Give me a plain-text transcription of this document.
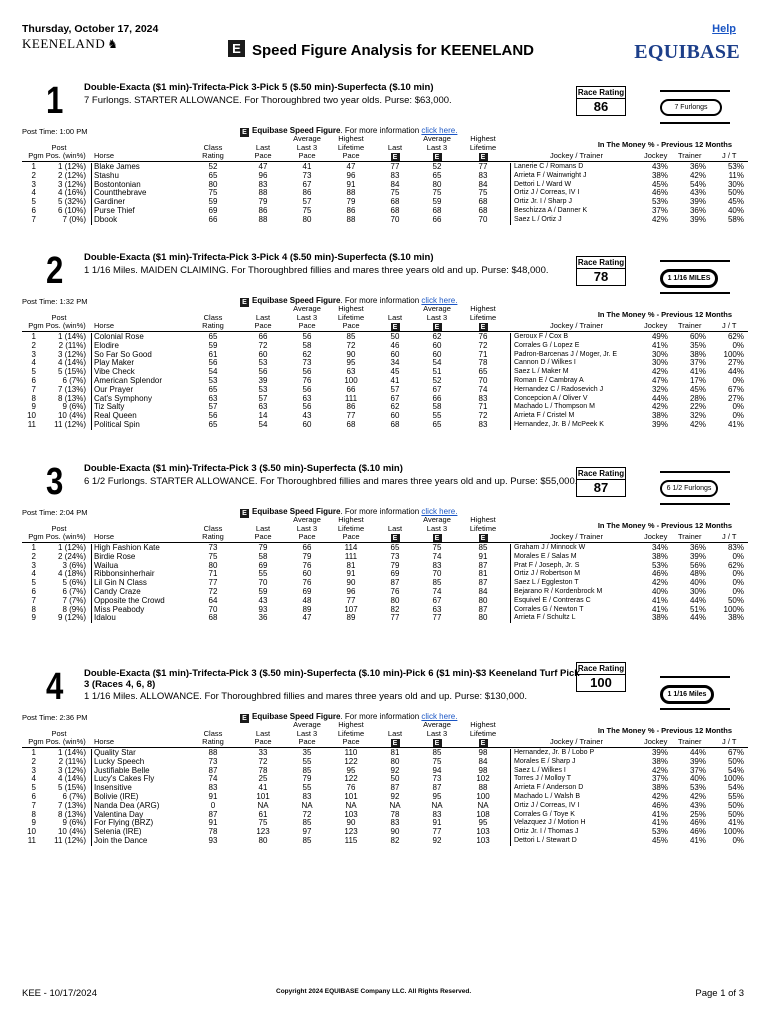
Thursday, October 17, 2024	Help
KEENELAND ♞	E Speed Figure Analysis for KEENELAND	EQUIBASE
1 Double-Exacta ($1 min)-Trifecta-Pick 3-Pick 5 ($.50 min)-Superfecta ($.10 min)
7 Furlongs. STARTER ALLOWANCE. For Thoroughbred two year olds. Purse: $63,000.
Race Rating
86	7 Furlongs
Post Time: 1:00 PM	E Equibase Speed Figure. For more information click here.
Post
Pgm Pos. (win%)	Horse
Class
Rating
Last
Pace
Average
Last 3
Pace
Highest
Lifetime
Pace
Last
E
Average
Last 3
E
Highest
Lifetime
E
In The Money % - Previous 12 Months
Jockey / Trainer	Jockey Trainer	J / T
1	1 (12%) Blake James	52	47	41	47	77	52	77	Lanerie C / Romans D	43%	36%	53%
2	2 (12%) Stashu	65	96	73	96	83	65	83	Arrieta F / Wainwright J	38%	42%	11%
3	3 (12%) Bostontonian	80	83	67	91	84	80	84	Dettori L / Ward W	45%	54%	30%
4	4 (16%) Countthebrave	75	88	86	88	75	75	75	Ortiz J / Correas, IV I	46%	43%	50%
5	5 (32%) Gardiner	59	79	57	79	68	59	68	Ortiz Jr. I / Sharp J	53%	39%	45%
6	6 (10%) Purse Thief	69	86	75	86	68	68	68	Beschizza A / Danner K	37%	36%	40%
7	7 (0%) Dbook	66	88	80	88	70	66	70	Saez L / Ortiz J	42%	39%	58%
2 Double-Exacta ($1 min)-Trifecta-Pick 3-Pick 4 ($.50 min)-Superfecta ($.10 min)
1 1/16 Miles. MAIDEN CLAIMING. For Thoroughbred fillies and mares three years old and up. Purse: $48,000.
Race Rating
78	1 1/16 MILES
Post Time: 1:32 PM	E Equibase Speed Figure. For more information click here.
Post
Pgm Pos. (win%)	Horse
Class
Rating
Last
Pace
Average
Last 3
Pace
Highest
Lifetime
Pace
Last
E
Average
Last 3
E
Highest
Lifetime
E
In The Money % - Previous 12 Months
Jockey / Trainer	Jockey Trainer	J / T
1	1 (14%) Colonial Rose	65	66	56	85	50	62	76	Geroux F / Cox B	49%	60%	62%
2	2 (11%) Elodire	59	72	58	72	46	60	72	Corrales G / Lopez E	41%	35%	0%
3	3 (12%) So Far So Good	61	60	62	90	60	60	71	Padron-Barcenas J / Moger, Jr. E	30%	38%	100%
4	4 (14%) Play Maker	56	53	73	95	34	54	78	Cannon D / Wilkes I	30%	37%	27%
5	5 (15%) Vibe Check	54	56	56	63	45	51	65	Saez L / Maker M	42%	41%	44%
6	6 (7%) American Splendor	53	39	76	100	41	52	70	Roman E / Cambray A	47%	17%	0%
7	7 (13%) Our Prayer	65	53	56	66	57	67	74	Hernandez C / Radosevich J	32%	45%	67%
8	8 (13%) Cat's Symphony	63	57	63	111	67	66	83	Concepcion A / Oliver V	44%	28%	27%
9	9 (6%) Tiz Salty	57	63	56	86	62	58	71	Machado L / Thompson M	42%	22%	0%
10	10 (4%) Real Queen	56	14	43	77	60	55	72	Arrieta F / Cristel M	38%	32%	0%
11	11 (12%) Political Spin	65	54	60	68	68	65	83	Hernandez, Jr. B / McPeek K	39%	42%	41%
3 Double-Exacta ($1 min)-Trifecta-Pick 3 ($.50 min)-Superfecta ($.10 min)
6 1/2 Furlongs. STARTER ALLOWANCE. For Thoroughbred fillies and mares three years old and up. Purse: $55,000.
Race Rating
87	6 1/2 Furlongs
Post Time: 2:04 PM	E Equibase Speed Figure. For more information click here.
Post
Pgm Pos. (win%)	Horse
Class
Rating
Last
Pace
Average
Last 3
Pace
Highest
Lifetime
Pace
Last
E
Average
Last 3
E
Highest
Lifetime
E
In The Money % - Previous 12 Months
Jockey / Trainer	Jockey Trainer	J / T
1	1 (12%) High Fashion Kate	73	79	66	114	65	75	85	Graham J / Minnock W	34%	36%	83%
2	2 (24%) Birdie Rose	75	58	79	111	73	74	91	Morales E / Salas M	38%	39%	0%
3	3 (6%) Wailua	80	69	76	81	79	83	87	Prat F / Joseph, Jr. S	53%	56%	62%
4	4 (18%) Ribbonsinherhair	71	55	60	91	69	70	81	Ortiz J / Robertson M	46%	48%	0%
5	5 (6%) Lil Gin N Class	77	70	76	90	87	85	87	Saez L / Eggleston T	42%	40%	0%
6	6 (7%) Candy Craze	72	59	69	96	76	74	84	Bejarano R / Kordenbrock M	40%	30%	0%
7	7 (7%) Opposite the Crowd	64	43	48	77	80	67	80	Esquivel E / Contreras C	41%	44%	50%
8	8 (9%) Miss Peabody	70	93	89	107	82	63	87	Corrales G / Newton T	41%	51%	100%
9	9 (12%) Idalou	68	36	47	89	77	77	80	Arrieta F / Schultz L	38%	44%	38%
4 Double-Exacta ($1 min)-Trifecta-Pick 3 ($.50 min)-Superfecta ($.10 min)-Pick 6 ($1 min)-$3 Keeneland Turf Pick
3 (Races 4, 6, 8)
1 1/16 Miles. ALLOWANCE. For Thoroughbred fillies and mares three years old and up. Purse: $130,000.
Race Rating
100
1 1/16 Miles
Post Time: 2:36 PM	E Equibase Speed Figure. For more information click here.
Post
Pgm Pos. (win%)	Horse
Class
Rating
Last
Pace
Average
Last 3
Pace
Highest
Lifetime
Pace
Last
E
Average
Last 3
E
Highest
Lifetime
E
In The Money % - Previous 12 Months
Jockey / Trainer	Jockey Trainer	J / T
1	1 (14%) Quality Star	88	33	35	110	81	85	98	Hernandez, Jr. B / Lobo P	39%	44%	67%
2	2 (11%) Lucky Speech	73	72	55	122	80	75	84	Morales E / Sharp J	38%	39%	50%
3	3 (12%) Justifiable Belle	87	78	85	95	92	94	98	Saez L / Wilkes I	42%	37%	54%
4	4 (14%) Lucy's Cakes Fly	74	25	79	122	50	73	102	Torres J / Molloy T	37%	40%	100%
5	5 (15%) Insensitive	83	41	55	76	87	87	88	Arrieta F / Anderson D	38%	53%	54%
6	6 (7%) Bolivie (IRE)	91	101	83	101	92	95	100	Machado L / Walsh B	42%	42%	55%
7	7 (13%) Nanda Dea (ARG)	0	NA	NA	NA	NA	NA	NA	Ortiz J / Correas, IV I	46%	43%	50%
8	8 (13%) Valentina Day	87	61	72	103	78	83	108	Corrales G / Toye K	41%	25%	50%
9	9 (6%) For Flying (BRZ)	91	75	85	90	83	91	95	Velazquez J / Motion H	41%	46%	41%
10	10 (4%) Selenia (IRE)	78	123	97	123	90	77	103	Ortiz Jr. I / Thomas J	53%	46%	100%
11	11 (12%) Join the Dance	93	80	85	115	82	92	103	Dettori L / Stewart D	45%	41%	0%
KEE - 10/17/2024	Copyright 2024 EQUIBASE Company LLC. All Rights Reserved.	Page 1 of 3
